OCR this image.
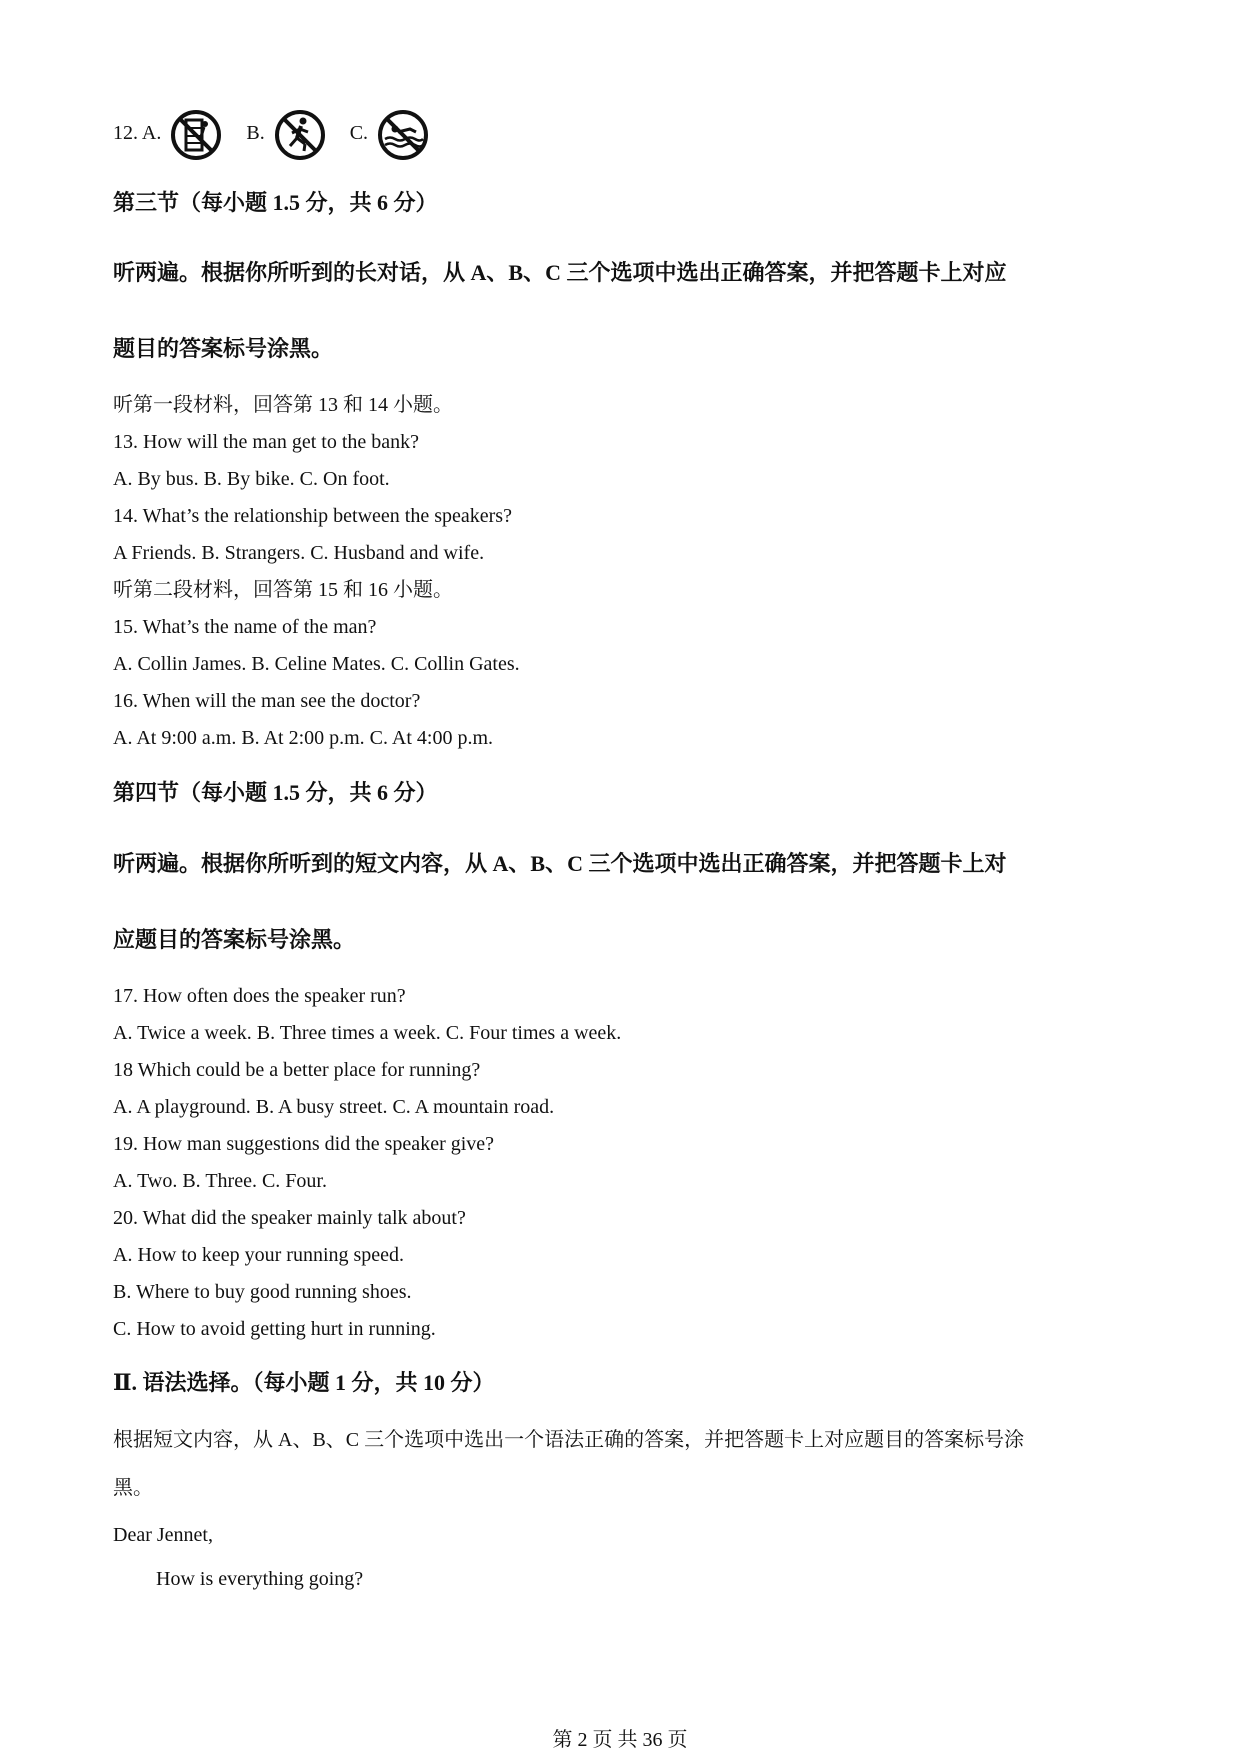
12. A.	B.	C.
第三节（每小题 1.5 分，共 6 分）
听两遍。根据你所听到的长对话，从 A、B、C 三个选项中选出正确答案，并把答题卡上对应
题目的答案标号涂黑。
听第一段材料，回答第 13 和 14 小题。
13. How will the man get to the bank?
A. By bus. B. By bike. C. On foot.
14. What’s the relationship between the speakers?
A Friends. B. Strangers. C. Husband and wife.
听第二段材料，回答第 15 和 16 小题。
15. What’s the name of the man?
A. Collin James. B. Celine Mates. C. Collin Gates.
16. When will the man see the doctor?
A. At 9:00 a.m. B. At 2:00 p.m. C. At 4:00 p.m.
第四节（每小题 1.5 分，共 6 分）
听两遍。根据你所听到的短文内容，从 A、B、C 三个选项中选出正确答案，并把答题卡上对
应题目的答案标号涂黑。
17. How often does the speaker run?
A. Twice a week. B. Three times a week. C. Four times a week.
18 Which could be a better place for running?
A. A playground. B. A busy street. C. A mountain road.
19. How man suggestions did the speaker give?
A. Two. B. Three. C. Four.
20. What did the speaker mainly talk about?
A. How to keep your running speed.
B. Where to buy good running shoes.
C. How to avoid getting hurt in running.
Ⅱ. 语法选择。（每小题 1 分，共 10 分）
根据短文内容，从 A、B、C 三个选项中选出一个语法正确的答案，并把答题卡上对应题目的答案标号涂
黑。
Dear Jennet,
How is everything going?
第 2 页 共 36 页
